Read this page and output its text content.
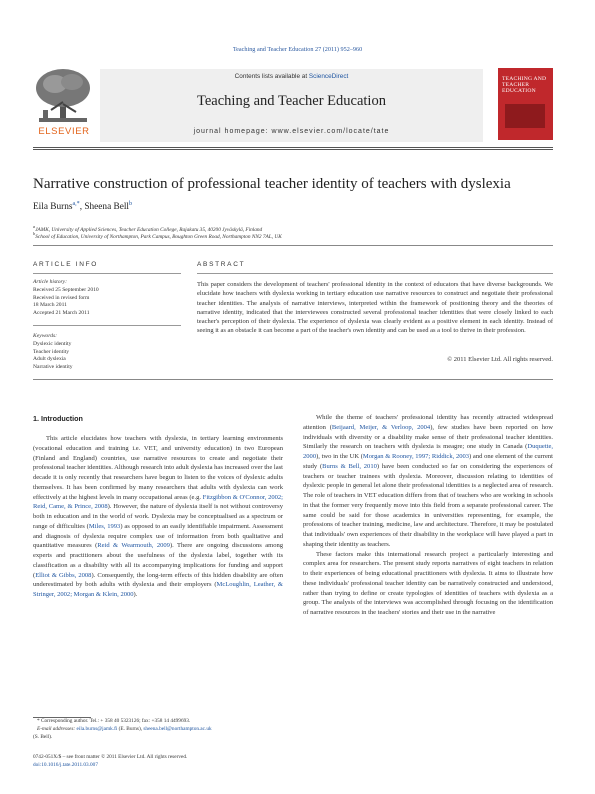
Teaching and Teacher Education 27 (2011) 952–960
ELSEVIER
Contents lists available at ScienceDirect
Teaching and Teacher Education
journal homepage: www.elsevier.com/locate/tate
TEACHING AND TEACHER EDUCATION
Narrative construction of professional teacher identity of teachers with dyslexia
Eila Burns$^{a,*}$, Sheena Bell$^b$
$^a$JAMK, University of Applied Sciences, Teacher Education College, Rajakatu 35, 40200 Jyväskylä, Finland
$^b$School of Education, University of Northampton, Park Campus, Boughton Green Road, Northampton NN2 7AL, UK
ARTICLE INFO
Article history:
Received 25 September 2010
Received in revised form
18 March 2011
Accepted 21 March 2011
Keywords:
Dyslexic identity
Teacher identity
Adult dyslexia
Narrative identity
ABSTRACT
This paper considers the development of teachers' professional identity in the context of educators that have diverse backgrounds. We elucidate how teachers with dyslexia working in tertiary education use narrative resources to construct and negotiate their professional teacher identities. The analysis of narrative interviews, interpreted within the framework of positioning theory and the theories of narrative identity, indicated that the interviewees constructed several professional teacher identities that were closely linked to each teacher's perception of their dyslexia. The experience of dyslexia was clearly evident as a positive element in each identity. Instead of seeing it as an obstacle it can become a part of the teacher's own identity and can be used as a tool to thrive in their profession.
© 2011 Elsevier Ltd. All rights reserved.
1. Introduction

This article elucidates how teachers with dyslexia, in tertiary learning environments (vocational education and training i.e. VET, and university education) in two European (Finland and England) countries, use narrative resources to create and negotiate their professional teacher identities. Although research into adult dyslexia has increased over the last decade it is only recently that researchers have begun to listen to the voices of dyslexic adults themselves. It has been confirmed by many researchers that adults with dyslexia can work effectively at the highest levels in many occupational areas (e.g. Fitzgibbon & O'Connor, 2002; Reid, Came, & Prince, 2008). However, the nature of dyslexia itself is not without controversy both in education and in the world of work. Dyslexia may be conceptualised as a spectrum or range of difficulties (Miles, 1993) as opposed to an easily identifiable impairment. Assessment and diagnosis of dyslexia require complex use of information from both qualitative and quantitative measures (Reid & Wearmouth, 2009). There are ongoing discussions among experts and practitioners about the usefulness of the dyslexia label, together with its classification as a disability with all its accompanying implications for funding and support (Elliot & Gibbs, 2008). Consequently, the long-term effects of this hidden disability are often underestimated by both adults with dyslexia and their employers (McLoughlin, Leather, & Stringer, 2002; Morgan & Klein, 2000).

While the theme of teachers' professional identity has recently attracted widespread attention (Beijaard, Meijer, & Verloop, 2004), few studies have been reported on how individuals with diversity or a disability make sense of their professional teacher identities. Similarly the research on teachers with dyslexia is meagre; one study in Canada (Duquette, 2000), two in the UK (Morgan & Rooney, 1997; Riddick, 2003) and one element of the current study (Burns & Bell, 2010) have been conducted so far on considering the experiences of teachers or teacher trainees with dyslexia. Moreover, discussion relating to identities of dyslexic people in general let alone their professional identities is a neglected area of research. The role of teachers in VET education differs from that of teachers who are working in schools in that the former very frequently move into this field from a separate professional career. The same could be said for those academics in universities representing, for example, the professions of teacher training, medicine, law and architecture. Therefore, it may be postulated that individuals' own experiences of their disability in the workplace will have played a part in shaping their identity as teachers.

These factors make this international research project a particularly interesting and complex area for researchers. The present study reports narratives of eight teachers in relation to their experiences of being educational practitioners with dyslexia. It aims to illustrate how these individuals' professional teacher identity can be narratively constructed and understood, rather than trying to define or create typologies of identities of teachers with dyslexia as a group. The analysis of the interviews was accomplished through focusing on the identification of narrative resources in the teachers' stories and their use in the narrative

* Corresponding author. Tel.: + 358 40 5323126; fax: +358 14 4499693.
E-mail addresses: eila.burns@jamk.fi (E. Burns), sheena.bell@northampton.ac.uk
(S. Bell).
0742-051X/$ – see front matter © 2011 Elsevier Ltd. All rights reserved.
doi:10.1016/j.tate.2011.03.007
